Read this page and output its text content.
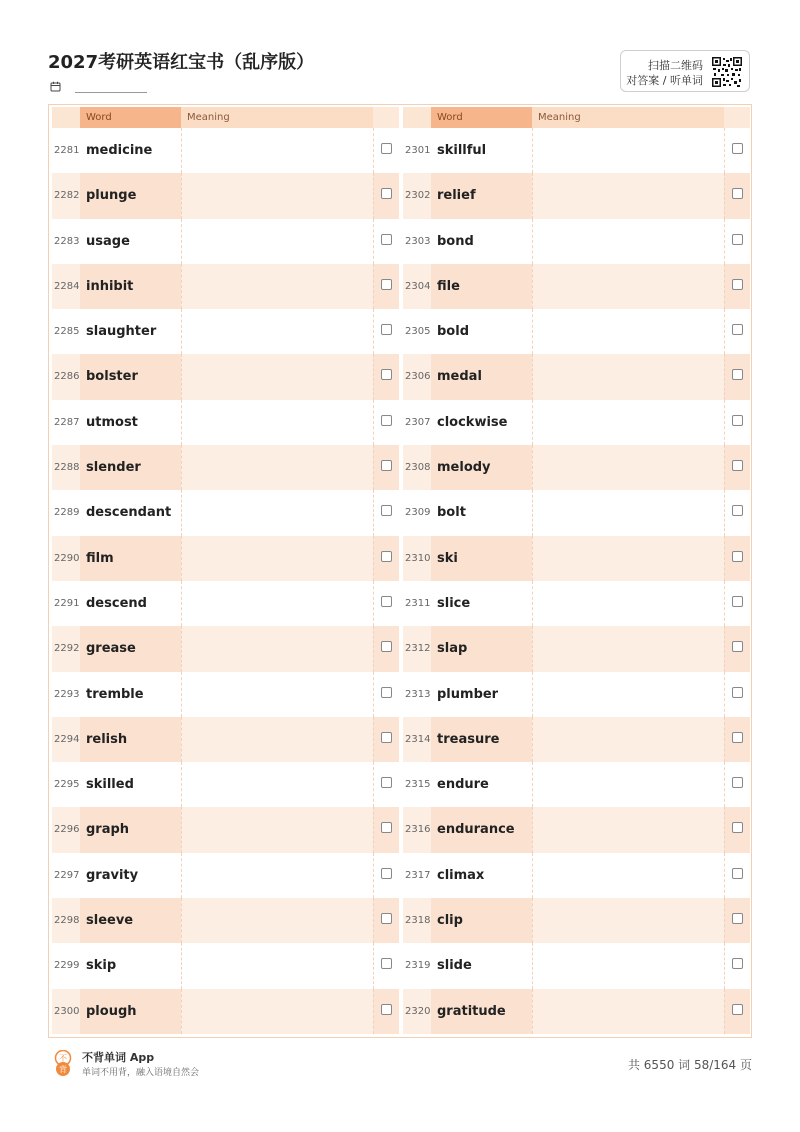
2027考研英语红宝书（乱序版）	扫描二维码
对答案 / 听单词
Word	Meaning
2281 medicine
2282 plunge
2283 usage
2284 inhibit
2285 slaughter
2286 bolster
2287 utmost
2288 slender
2289 descendant
2290 film
2291 descend
2292 grease
2293 tremble
2294 relish
2295 skilled
2296 graph
2297 gravity
2298 sleeve
2299 skip
2300 plough
Word	Meaning
2301 skillful
2302 relief
2303 bond
2304 file
2305 bold
2306 medal
2307 clockwise
2308 melody
2309 bolt
2310 ski
2311 slice
2312 slap
2313 plumber
2314 treasure
2315 endure
2316 endurance
2317 climax
2318 clip
2319 slide
2320 gratitude
不
背
不背单词 App
单词不用背，融入语境自然会
共 6550 词 58/164 页
